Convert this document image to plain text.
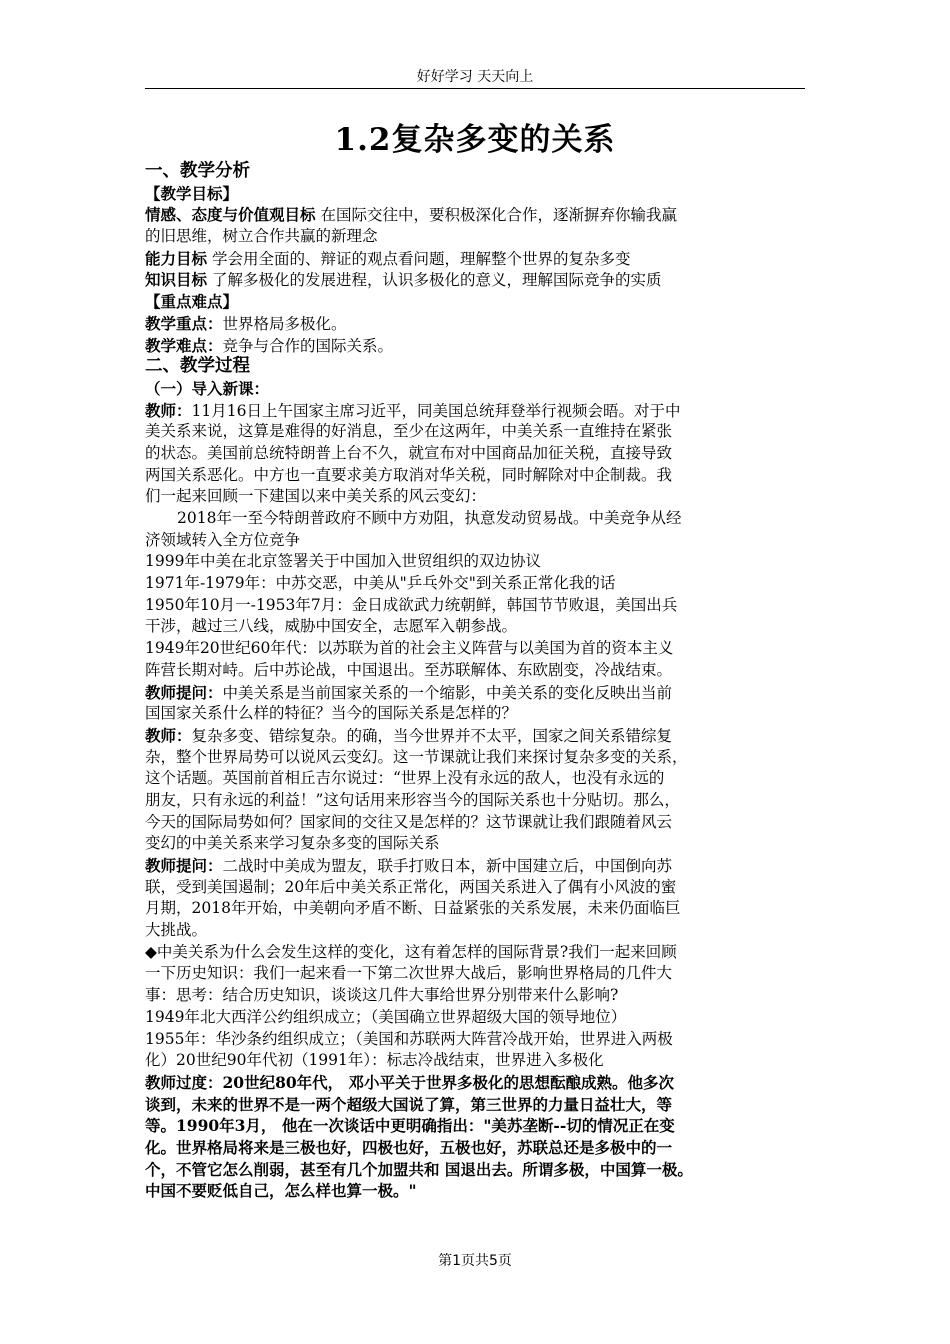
好好学习 天天向上
1.2复杂多变的关系
一、教学分析
【教学目标】
情感、态度与价值观目标 在国际交往中，要积极深化合作，逐渐摒弃你输我赢
的旧思维，树立合作共赢的新理念
能力目标 学会用全面的、辩证的观点看问题，理解整个世界的复杂多变
知识目标 了解多极化的发展进程，认识多极化的意义，理解国际竞争的实质
【重点难点】
教学重点：世界格局多极化。
教学难点：竞争与合作的国际关系。
二、教学过程
（一）导入新课：
教师：11月16日上午国家主席习近平，同美国总统拜登举行视频会晤。对于中
美关系来说，这算是难得的好消息，至少在这两年，中美关系一直维持在紧张
的状态。美国前总统特朗普上台不久，就宣布对中国商品加征关税，直接导致
两国关系恶化。中方也一直要求美方取消对华关税，同时解除对中企制裁。我
们一起来回顾一下建国以来中美关系的风云变幻：
2018年一至今特朗普政府不顾中方劝阻，执意发动贸易战。中美竞争从经
济领域转入全方位竞争
1999年中美在北京签署关于中国加入世贸组织的双边协议
1971年-1979年：中苏交恶，中美从"乒乓外交"到关系正常化我的话
1950年10月一-1953年7月：金日成欲武力统朝鲜，韩国节节败退，美国出兵
干涉，越过三八线，威胁中国安全，志愿军入朝参战。
1949年20世纪60年代：以苏联为首的社会主义阵营与以美国为首的资本主义
阵营长期对峙。后中苏论战，中国退出。至苏联解体、东欧剧变，冷战结束。
教师提问：中美关系是当前国家关系的一个缩影，中美关系的变化反映出当前
国国家关系什么样的特征？当今的国际关系是怎样的？
教师：复杂多变、错综复杂。的确，当今世界并不太平，国家之间关系错综复
杂，整个世界局势可以说风云变幻。这一节课就让我们来探讨复杂多变的关系，
这个话题。英国前首相丘吉尔说过：“世界上没有永远的敌人，也没有永远的
朋友，只有永远的利益！”这句话用来形容当今的国际关系也十分贴切。那么，
今天的国际局势如何？国家间的交往又是怎样的？这节课就让我们跟随着风云
变幻的中美关系来学习复杂多变的国际关系
教师提问：二战时中美成为盟友，联手打败日本，新中国建立后，中国倒向苏
联，受到美国遏制；20年后中美关系正常化，两国关系进入了偶有小风波的蜜
月期，2018年开始，中美朝向矛盾不断、日益紧张的关系发展，未来仍面临巨
大挑战。
◆中美关系为什么会发生这样的变化，这有着怎样的国际背景?我们一起来回顾
一下历史知识：我们一起来看一下第二次世界大战后，影响世界格局的几件大
事：思考：结合历史知识，谈谈这几件大事给世界分别带来什么影响?
1949年北大西洋公约组织成立；（美国确立世界超级大国的领导地位）
1955年：华沙条约组织成立；（美国和苏联两大阵营冷战开始，世界进入两极
化）20世纪90年代初（1991年）：标志冷战结束，世界进入多极化
教师过度：20世纪80年代， 邓小平关于世界多极化的思想酝酿成熟。他多次
谈到，未来的世界不是一两个超级大国说了算，第三世界的力量日益壮大，等
等。1990年3月， 他在一次谈话中更明确指出："美苏垄断--切的情况正在变
化。世界格局将来是三极也好，四极也好，五极也好，苏联总还是多极中的一
个，不管它怎么削弱，甚至有几个加盟共和 国退出去。所谓多极，中国算一极。
中国不要贬低自己，怎么样也算一极。"
第1页共5页
